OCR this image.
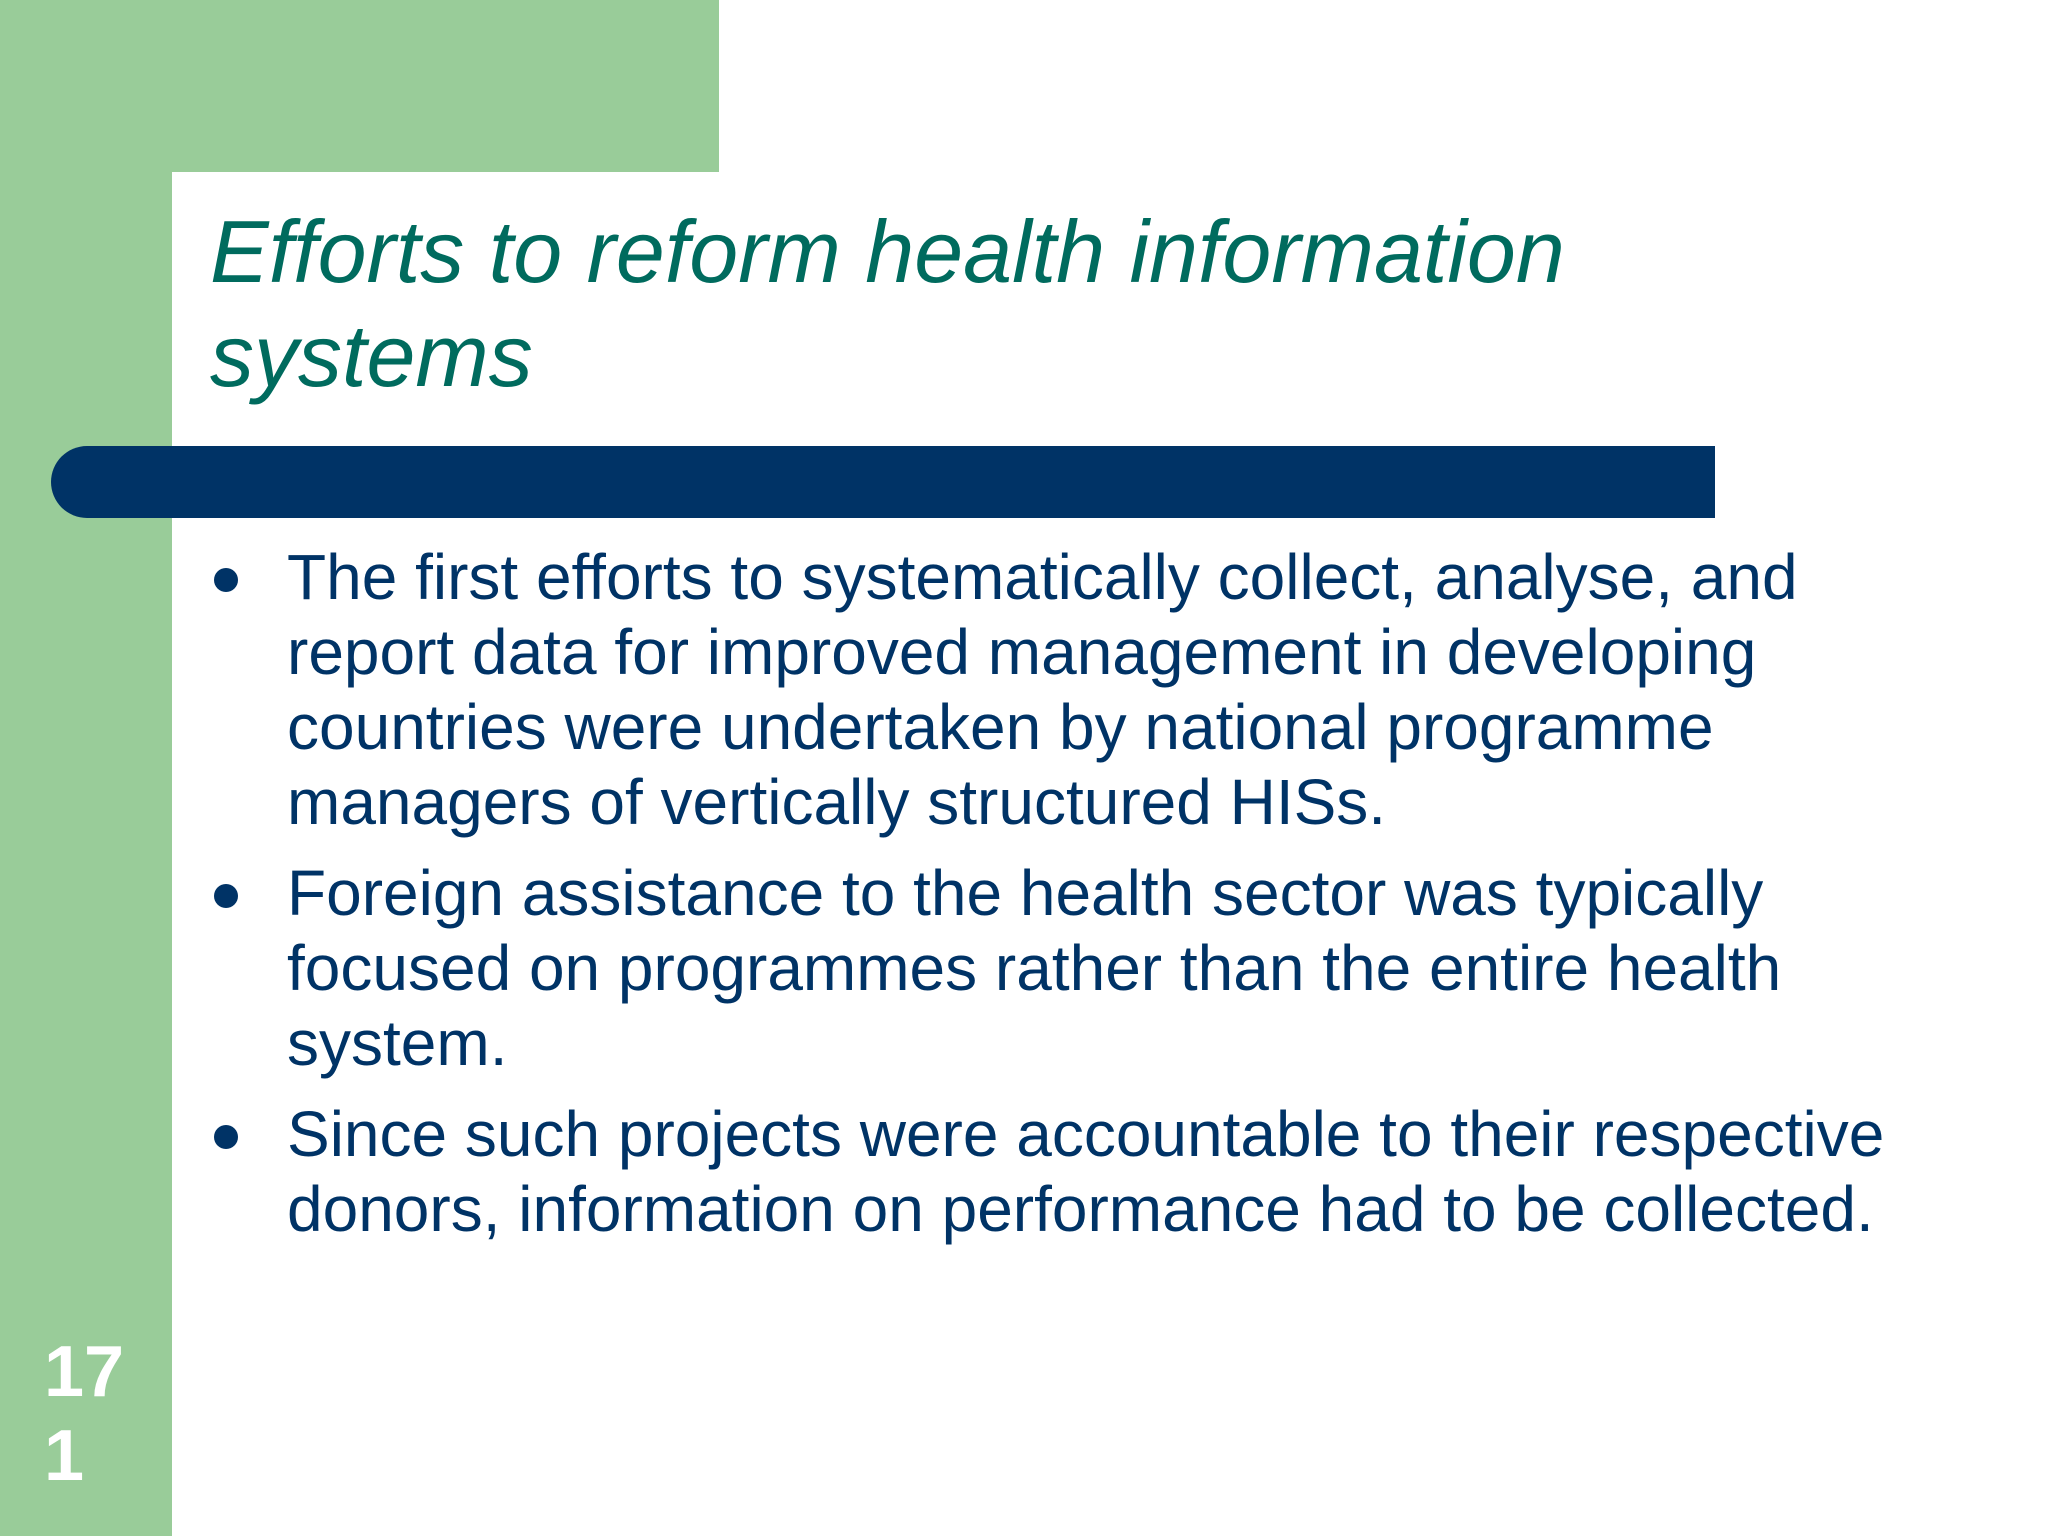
Efforts to reform health information systems
The first efforts to systematically collect, analyse, and report data for improved management in developing countries were undertaken by national programme managers of vertically structured HISs.
Foreign assistance to the health sector was typically focused on programmes rather than the entire health system.
Since such projects were accountable to their respective donors, information on performance had to be collected.
171
